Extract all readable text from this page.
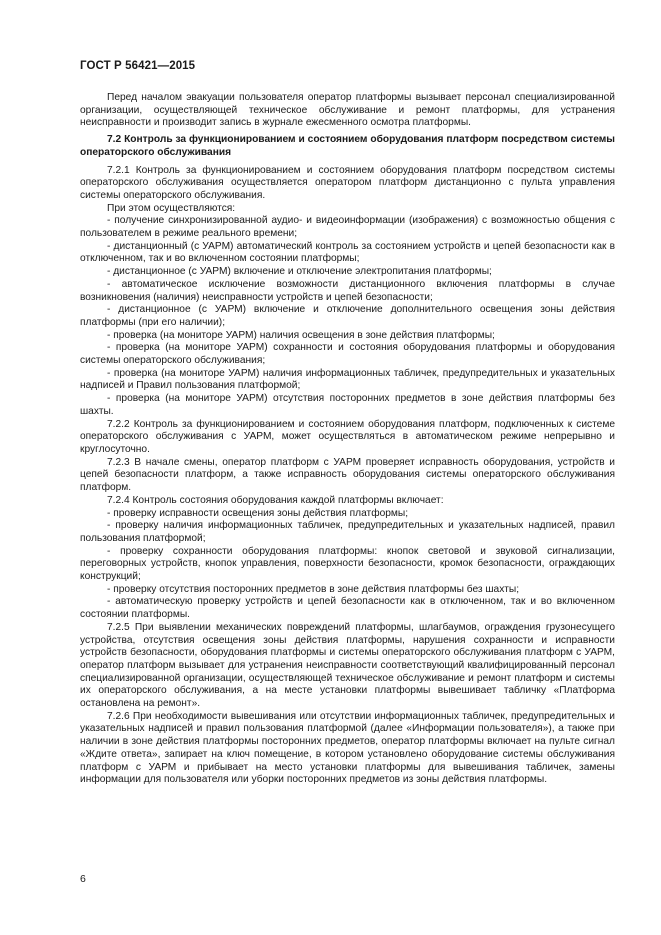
ГОСТ Р 56421—2015

Перед началом эвакуации пользователя оператор платформы вызывает персонал специализированной организации, осуществляющей техническое обслуживание и ремонт платформы, для устранения неисправности и производит запись в журнале ежесменного осмотра платформы.

7.2 Контроль за функционированием и состоянием оборудования платформ посредством системы операторского обслуживания

7.2.1 Контроль за функционированием и состоянием оборудования платформ посредством системы операторского обслуживания осуществляется оператором платформ дистанционно с пульта управления системы операторского обслуживания.

При этом осуществляются:

- получение синхронизированной аудио- и видеоинформации (изображения) с возможностью общения с пользователем в режиме реального времени;

- дистанционный (с УАРМ) автоматический контроль за состоянием устройств и цепей безопасности как в отключенном, так и во включенном состоянии платформы;

- дистанционное (с УАРМ) включение и отключение электропитания платформы;

- автоматическое исключение возможности дистанционного включения платформы в случае возникновения (наличия) неисправности устройств и цепей безопасности;

- дистанционное (с УАРМ) включение и отключение дополнительного освещения зоны действия платформы (при его наличии);

- проверка (на мониторе УАРМ) наличия освещения в зоне действия платформы;

- проверка (на мониторе УАРМ) сохранности и состояния оборудования платформы и оборудования системы операторского обслуживания;

- проверка (на мониторе УАРМ) наличия информационных табличек, предупредительных и указательных надписей и Правил пользования платформой;

- проверка (на мониторе УАРМ) отсутствия посторонних предметов в зоне действия платформы без шахты.

7.2.2 Контроль за функционированием и состоянием оборудования платформ, подключенных к системе операторского обслуживания с УАРМ, может осуществляться в автоматическом режиме непрерывно и круглосуточно.

7.2.3 В начале смены, оператор платформ с УАРМ проверяет исправность оборудования, устройств и цепей безопасности платформ, а также исправность оборудования системы операторского обслуживания платформ.

7.2.4 Контроль состояния оборудования каждой платформы включает:

- проверку исправности освещения зоны действия платформы;

- проверку наличия информационных табличек, предупредительных и указательных надписей, правил пользования платформой;

- проверку сохранности оборудования платформы: кнопок световой и звуковой сигнализации, переговорных устройств, кнопок управления, поверхности безопасности, кромок безопасности, ограждающих конструкций;

- проверку отсутствия посторонних предметов в зоне действия платформы без шахты;

- автоматическую проверку устройств и цепей безопасности как в отключенном, так и во включенном состоянии платформы.

7.2.5 При выявлении механических повреждений платформы, шлагбаумов, ограждения грузонесущего устройства, отсутствия освещения зоны действия платформы, нарушения сохранности и исправности устройств безопасности, оборудования платформы и системы операторского обслуживания платформ с УАРМ, оператор платформ вызывает для устранения неисправности соответствующий квалифицированный персонал специализированной организации, осуществляющей техническое обслуживание и ремонт платформ и системы их операторского обслуживания, а на месте установки платформы вывешивает табличку «Платформа остановлена на ремонт».

7.2.6 При необходимости вывешивания или отсутствии информационных табличек, предупредительных и указательных надписей и правил пользования платформой (далее «Информации пользователя»), а также при наличии в зоне действия платформы посторонних предметов, оператор платформы включает на пульте сигнал «Ждите ответа», запирает на ключ помещение, в котором установлено оборудование системы обслуживания платформ с УАРМ и прибывает на место установки платформы для вывешивания табличек, замены информации для пользователя или уборки посторонних предметов из зоны действия платформы.

6
